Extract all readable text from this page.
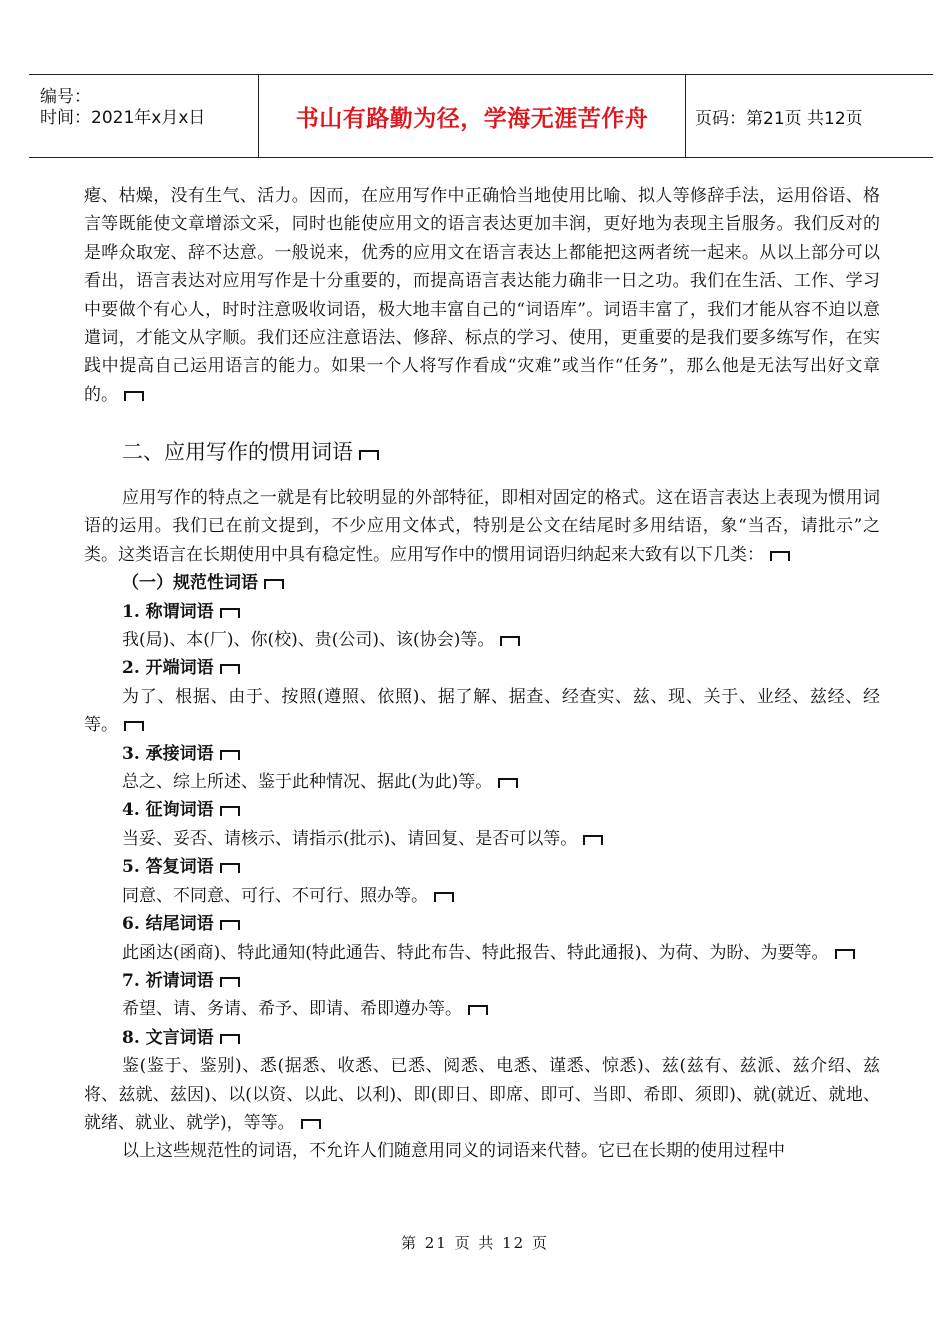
编号：
时间：2021年x月x日	书山有路勤为径，学海无涯苦作舟	页码：第21页 共12页

瘪、枯燥，没有生气、活力。因而，在应用写作中正确恰当地使用比喻、拟人等修辞手法，运用俗语、格言等既能使文章增添文采，同时也能使应用文的语言表达更加丰润，更好地为表现主旨服务。我们反对的是哗众取宠、辞不达意。一般说来，优秀的应用文在语言表达上都能把这两者统一起来。从以上部分可以看出，语言表达对应用写作是十分重要的，而提高语言表达能力确非一日之功。我们在生活、工作、学习中要做个有心人，时时注意吸收词语，极大地丰富自己的“词语库”。词语丰富了，我们才能从容不迫以意遣词，才能文从字顺。我们还应注意语法、修辞、标点的学习、使用，更重要的是我们要多练写作，在实践中提高自己运用语言的能力。如果一个人将写作看成“灾难”或当作“任务”，那么他是无法写出好文章的。

二、应用写作的惯用词语

应用写作的特点之一就是有比较明显的外部特征，即相对固定的格式。这在语言表达上表现为惯用词语的运用。我们已在前文提到，不少应用文体式，特别是公文在结尾时多用结语，象“当否，请批示”之类。这类语言在长期使用中具有稳定性。应用写作中的惯用词语归纳起来大致有以下几类：

（一）规范性词语

1. 称谓词语

我(局)、本(厂)、你(校)、贵(公司)、该(协会)等。

2. 开端词语

为了、根据、由于、按照(遵照、依照)、据了解、据查、经查实、兹、现、关于、业经、兹经、经等。

3. 承接词语

总之、综上所述、鉴于此种情况、据此(为此)等。

4. 征询词语

当妥、妥否、请核示、请指示(批示)、请回复、是否可以等。

5. 答复词语

同意、不同意、可行、不可行、照办等。

6. 结尾词语

此函达(函商)、特此通知(特此通告、特此布告、特此报告、特此通报)、为荷、为盼、为要等。

7. 祈请词语

希望、请、务请、希予、即请、希即遵办等。

8. 文言词语

鉴(鉴于、鉴别)、悉(据悉、收悉、已悉、阅悉、电悉、谨悉、惊悉)、兹(兹有、兹派、兹介绍、兹将、兹就、兹因)、以(以资、以此、以利)、即(即日、即席、即可、当即、希即、须即)、就(就近、就地、就绪、就业、就学)，等等。

以上这些规范性的词语，不允许人们随意用同义的词语来代替。它已在长期的使用过程中

第 21 页 共 12 页
